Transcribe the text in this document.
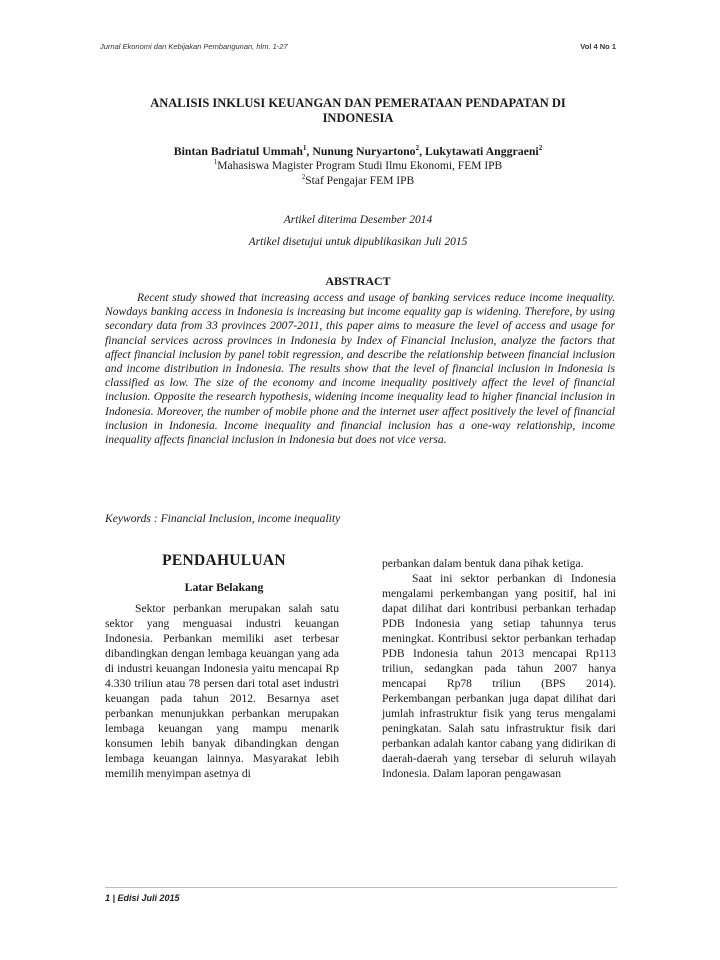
Jurnal Ekonomi dan Kebijakan Pembangunan, hlm. 1-27	Vol 4 No 1
ANALISIS INKLUSI KEUANGAN DAN PEMERATAAN PENDAPATAN DI
INDONESIA
Bintan Badriatul Ummah$^1$, Nunung Nuryartono$^2$, Lukytawati Anggraeni$^2$
$^1$Mahasiswa Magister Program Studi Ilmu Ekonomi, FEM IPB
$^2$Staf Pengajar FEM IPB
Artikel diterima Desember 2014
Artikel disetujui untuk dipublikasikan Juli 2015
ABSTRACT

Recent study showed that increasing access and usage of banking services reduce income inequality. Nowdays banking access in Indonesia is increasing but income equality gap is widening. Therefore, by using secondary data from 33 provinces 2007-2011, this paper aims to measure the level of access and usage for financial services across provinces in Indonesia by Index of Financial Inclusion, analyze the factors that affect financial inclusion by panel tobit regression, and describe the relationship between financial inclusion and income distribution in Indonesia. The results show that the level of financial inclusion in Indonesia is classified as low. The size of the economy and income inequality positively affect the level of financial inclusion. Opposite the research hypothesis, widening income inequality lead to higher financial inclusion in Indonesia. Moreover, the number of mobile phone and the internet user affect positively the level of financial inclusion in Indonesia. Income inequality and financial inclusion has a one-way relationship, income inequality affects financial inclusion in Indonesia but does not vice versa.

Keywords : Financial Inclusion, income inequality
PENDAHULUAN
Latar Belakang

Sektor perbankan merupakan salah satu sektor yang menguasai industri keuangan Indonesia. Perbankan memiliki aset terbesar dibandingkan dengan lembaga keuangan yang ada di industri keuangan Indonesia yaitu mencapai Rp 4.330 triliun atau 78 persen dari total aset industri keuangan pada tahun 2012. Besarnya aset perbankan menunjukkan perbankan merupakan lembaga keuangan yang mampu menarik konsumen lebih banyak dibandingkan dengan lembaga keuangan lainnya. Masyarakat lebih memilih menyimpan asetnya di

perbankan dalam bentuk dana pihak ketiga.

Saat ini sektor perbankan di Indonesia mengalami perkembangan yang positif, hal ini dapat dilihat dari kontribusi perbankan terhadap PDB Indonesia yang setiap tahunnya terus meningkat. Kontribusi sektor perbankan terhadap PDB Indonesia tahun 2013 mencapai Rp113 triliun, sedangkan pada tahun 2007 hanya mencapai Rp78 triliun (BPS 2014). Perkembangan perbankan juga dapat dilihat dari jumlah infrastruktur fisik yang terus mengalami peningkatan. Salah satu infrastruktur fisik dari perbankan adalah kantor cabang yang didirikan di daerah-daerah yang tersebar di seluruh wilayah Indonesia. Dalam laporan pengawasan

1 | Edisi Juli 2015
